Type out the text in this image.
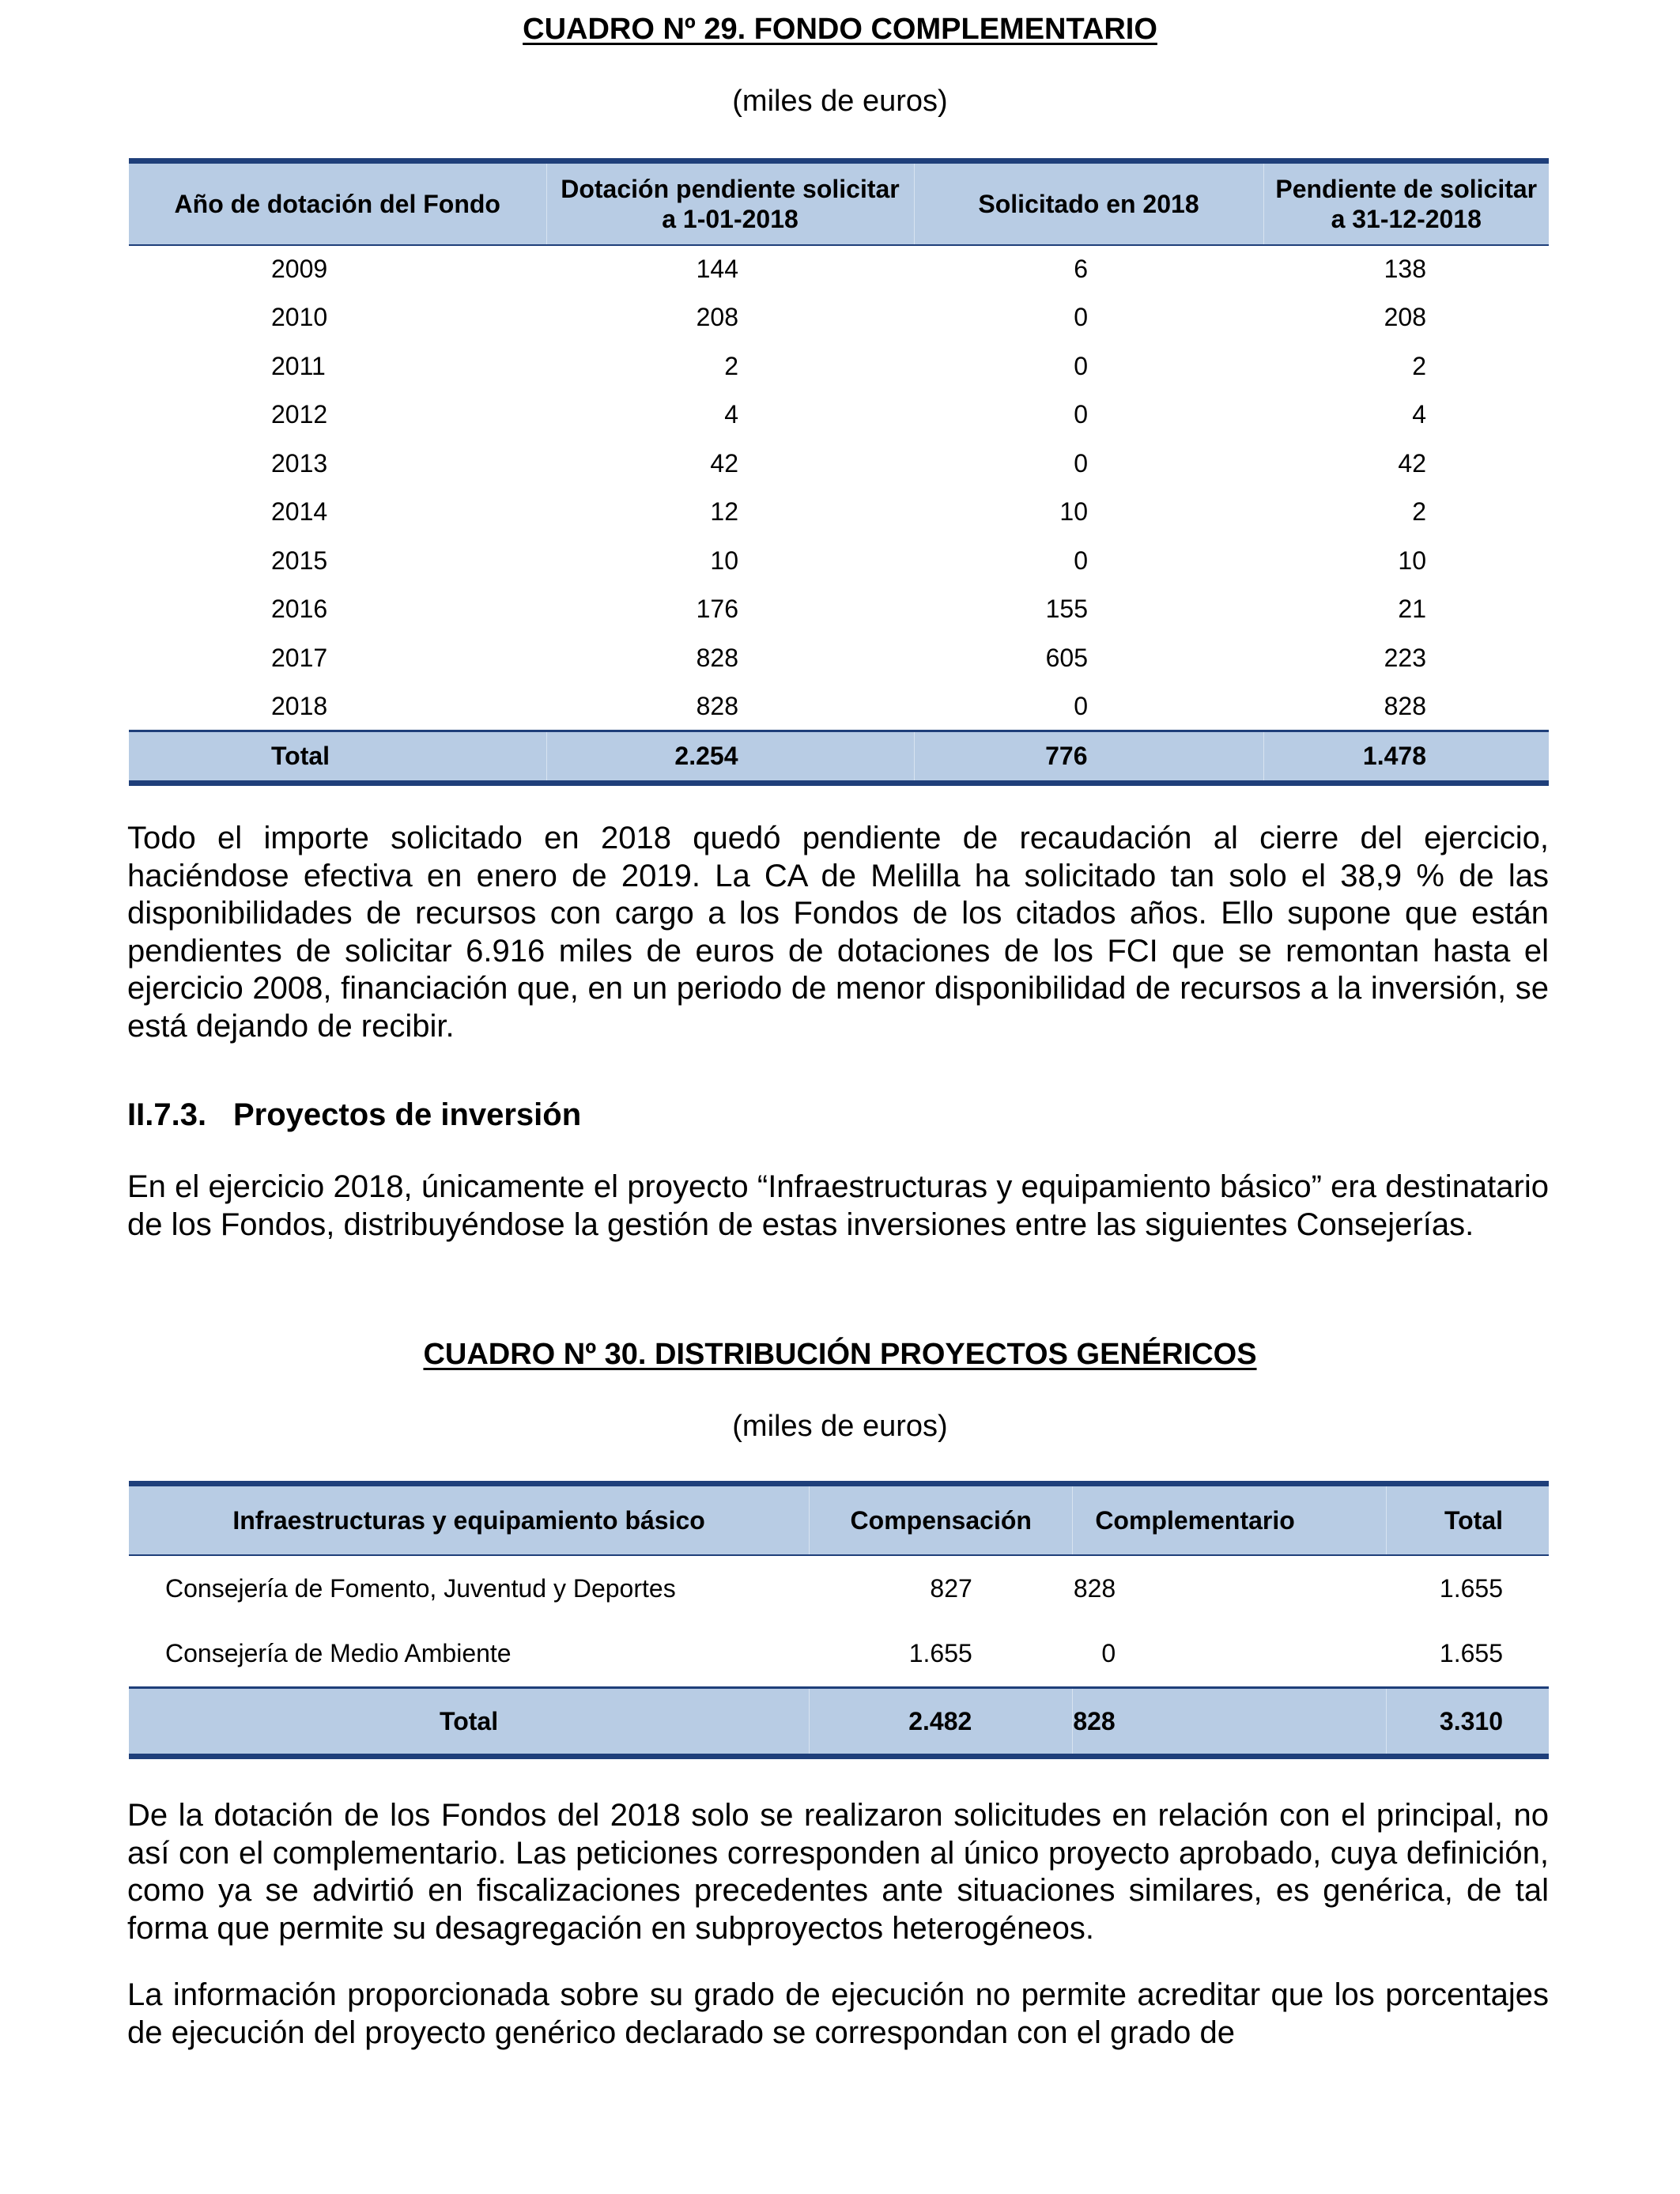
CUADRO Nº 29. FONDO COMPLEMENTARIO
(miles de euros)
Año de dotación del Fondo	Dotación pendiente solicitar a 1-01-2018	Solicitado en 2018	Pendiente de solicitar a 31-12-2018
2009	144	6	138
2010	208	0	208
2011	2	0	2
2012	4	0	4
2013	42	0	42
2014	12	10	2
2015	10	0	10
2016	176	155	21
2017	828	605	223
2018	828	0	828
Total	2.254	776	1.478

Todo el importe solicitado en 2018 quedó pendiente de recaudación al cierre del ejercicio, haciéndose efectiva en enero de 2019. La CA de Melilla ha solicitado tan solo el 38,9 % de las disponibilidades de recursos con cargo a los Fondos de los citados años. Ello supone que están pendientes de solicitar 6.916 miles de euros de dotaciones de los FCI que se remontan hasta el ejercicio 2008, financiación que, en un periodo de menor disponibilidad de recursos a la inversión, se está dejando de recibir.

II.7.3. Proyectos de inversión

En el ejercicio 2018, únicamente el proyecto “Infraestructuras y equipamiento básico” era destinatario de los Fondos, distribuyéndose la gestión de estas inversiones entre las siguientes Consejerías.

CUADRO Nº 30. DISTRIBUCIÓN PROYECTOS GENÉRICOS
(miles de euros)
Infraestructuras y equipamiento básico	Compensación	Complementario	Total
Consejería de Fomento, Juventud y Deportes	827	828	1.655
Consejería de Medio Ambiente	1.655	0	1.655
Total	2.482	828	3.310

De la dotación de los Fondos del 2018 solo se realizaron solicitudes en relación con el principal, no así con el complementario. Las peticiones corresponden al único proyecto aprobado, cuya definición, como ya se advirtió en fiscalizaciones precedentes ante situaciones similares, es genérica, de tal forma que permite su desagregación en subproyectos heterogéneos.

La información proporcionada sobre su grado de ejecución no permite acreditar que los porcentajes de ejecución del proyecto genérico declarado se correspondan con el grado de
